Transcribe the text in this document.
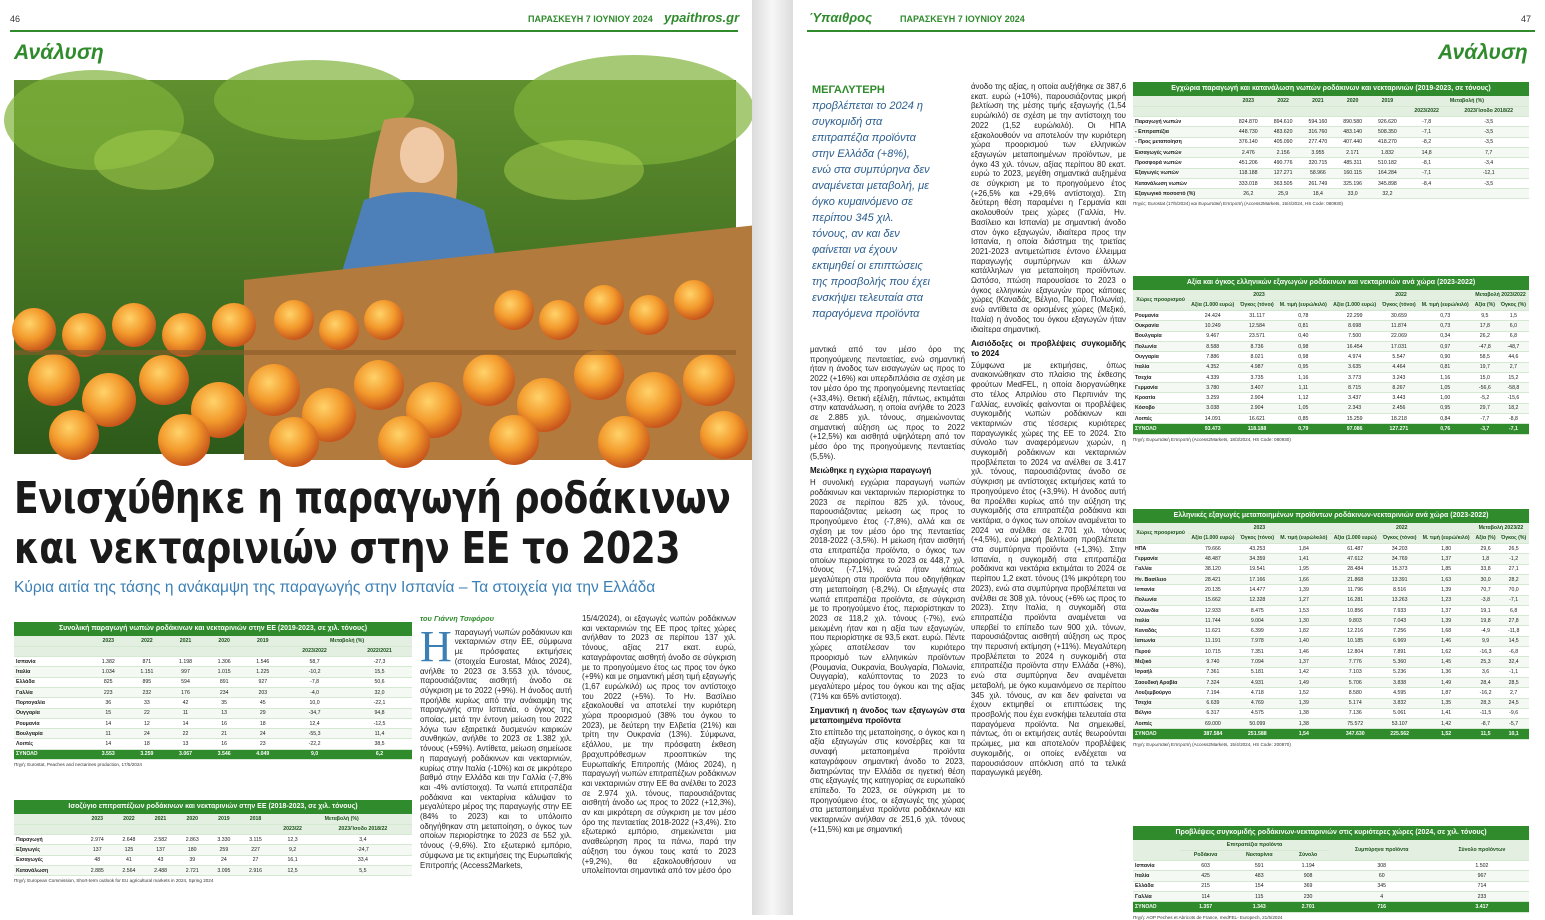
46	ΠΑΡΑΣΚΕΥΗ 7 ΙΟΥΝΙΟΥ 2024 ypaithros.gr
Ανάλυση
Ενισχύθηκε η παραγωγή ροδάκινων
και νεκταρινιών στην ΕΕ το 2023
Κύρια αιτία της τάσης η ανάκαμψη της παραγωγής στην Ισπανία – Τα στοιχεία για την Ελλάδα
Συνολική παραγωγή νωπών ροδάκινων και νεκταρινιών στην ΕΕ (2019-2023, σε χιλ. τόνους)
	2023	2022	2021	2020	2019	Μεταβολή (%)	
						2023/2022	2022/2021
Ισπανία	1.382	871	1.198	1.306	1.546	58,7	-27,3
Ιταλία	1.034	1.151	997	1.015	1.225	-10,2	15,5
Ελλάδα	825	895	594	891	927	-7,8	50,6
Γαλλία	223	232	176	234	203	-4,0	32,0
Πορτογαλία	36	33	42	35	45	10,0	-22,1
Ουγγαρία	15	22	11	13	29	-34,7	94,8
Ρουμανία	14	12	14	16	18	12,4	-12,5
Βουλγαρία	11	24	22	21	24	-55,3	11,4
Λοιπές	14	18	13	16	23	-22,2	38,5
ΣΥΝΟΛΟ	3.553	3.259	3.067	3.546	4.049	9,0	6,2
Πηγή: Eurostat, Peaches and nectarines production, 17/5/2024
Ισοζύγιο επιτραπέζιων ροδάκινων και νεκταρινιών στην ΕΕ (2018-2023, σε χιλ. τόνους)
	2023	2022	2021	2020	2019	2018	Μεταβολή (%)	
							2023/22	2023/Ίσοδο 2018/22
Παραγωγή	2.974	2.648	2.582	2.863	3.330	3.115	12,3	3,4
Εξαγωγές	137	125	137	180	259	227	9,2	-24,7
Εισαγωγές	48	41	43	39	24	27	16,1	33,4
Κατανάλωση	2.885	2.564	2.488	2.721	3.095	2.916	12,5	5,5
Πηγή: European Commission, Short-term outlook for EU agricultural markets in 2024, Spring 2024
του Γιάννη Τσιφόρου
Η παραγωγή νωπών ροδάκινων και νεκταρινιών στην ΕΕ, σύμφωνα με πρόσφατες εκτιμήσεις (στοιχεία Eurostat, Μάιος 2024), ανήλθε το 2023 σε 3.553 χιλ. τόνους, παρουσιάζοντας αισθητή άνοδο σε σύγκριση με το 2022 (+9%). Η άνοδος αυτή προήλθε κυρίως από την ανάκαμψη της παραγωγής στην Ισπανία, ο όγκος της οποίας, μετά την έντονη μείωση του 2022 λόγω των εξαιρετικά δυσμενών καιρικών συνθηκών, ανήλθε το 2023 σε 1.382 χιλ. τόνους (+59%). Αντίθετα, μείωση σημείωσε η παραγωγή ροδάκινων και νεκταρινιών, κυρίως στην Ιταλία (-10%) και σε μικρότερο βαθμό στην Ελλάδα και την Γαλλία (-7,8% και -4% αντίστοιχα). Τα νωπά επιτραπέζια ροδάκινα και νεκταρίνια κάλυψαν το μεγαλύτερο μέρος της παραγωγής στην ΕΕ (84% το 2023) και το υπόλοιπο οδηγήθηκαν στη μεταποίηση, ο όγκος των οποίων περιορίστηκε το 2023 σε 552 χιλ. τόνους (-9,6%). Στο εξωτερικό εμπόριο, σύμφωνα με τις εκτιμήσεις της Ευρωπαϊκής Επιτροπής (Access2Markets,
15/4/2024), οι εξαγωγές νωπών ροδάκινων και νεκταρινιών της ΕΕ προς τρίτες χώρες ανήλθαν το 2023 σε περίπου 137 χιλ. τόνους, αξίας 217 εκατ. ευρώ, καταγράφοντας αισθητή άνοδο σε σύγκριση με το προηγούμενο έτος ως προς τον όγκο (+9%) και με σημαντική μέση τιμή εξαγωγής (1,67 ευρώ/κιλό) ως προς τον αντίστοιχο του 2022 (+5%). Το Ην. Βασίλειο εξακολουθεί να αποτελεί την κυριότερη χώρα προορισμού (38% του όγκου το 2023), με δεύτερη την Ελβετία (21%) και τρίτη την Ουκρανία (13%). Σύμφωνα, εξάλλου, με την πρόσφατη έκθεση βραχυπρόθεσμων προοπτικών της Ευρωπαϊκής Επιτροπής (Μάιος 2024), η παραγωγή νωπών επιτραπέζιων ροδάκινων και νεκταρινιών στην ΕΕ θα ανέλθει το 2023 σε 2.974 χιλ. τόνους, παρουσιάζοντας αισθητή άνοδο ως προς το 2022 (+12,3%), αν και μικρότερη σε σύγκριση με τον μέσο όρο της πενταετίας 2018-2022 (+3,4%). Στο εξωτερικό εμπόριο, σημειώνεται μια αναθεώρηση προς τα πάνω, παρά την αύξηση του όγκου τους κατά το 2023 (+9,2%), θα εξακολουθήσουν να υπολείπονται σημαντικά από τον μέσο όρο
Ύπαιθρος	ΠΑΡΑΣΚΕΥΗ 7 ΙΟΥΝΙΟΥ 2024	47
Ανάλυση
ΜΕΓΑΛΥΤΕΡΗ προβλέπεται το 2024 η συγκομιδή στα επιτραπέζια προϊόντα στην Ελλάδα (+8%), ενώ στα συμπύρηνα δεν αναμένεται μεταβολή, με όγκο κυμαινόμενο σε περίπου 345 χιλ. τόνους, αν και δεν φαίνεται να έχουν εκτιμηθεί οι επιπτώσεις της προσβολής που έχει ενσκήψει τελευταία στα παραγόμενα προϊόντα

μαντικά από τον μέσο όρο της προηγούμενης πενταετίας, ενώ σημαντική ήταν η άνοδος των εισαγωγών ως προς το 2022 (+16%) και υπερδιπλάσια σε σχέση με τον μέσο όρο της προηγούμενης πενταετίας (+33,4%). Θετική εξέλιξη, πάντως, εκτιμάται στην κατανάλωση, η οποία ανήλθε το 2023 σε 2.885 χιλ. τόνους, σημειώνοντας σημαντική αύξηση ως προς το 2022 (+12,5%) και αισθητά υψηλότερη από τον μέσο όρο της προηγούμενης πενταετίας (5,5%).

Μειώθηκε η εγχώρια παραγωγή

Η συνολική εγχώρια παραγωγή νωπών ροδάκινων και νεκταρινιών περιορίστηκε το 2023 σε περίπου 825 χιλ. τόνους, παρουσιάζοντας μείωση ως προς το προηγούμενο έτος (-7,8%), αλλά και σε σχέση με τον μέσο όρο της πενταετίας 2018-2022 (-3,5%). Η μείωση ήταν αισθητή στα επιτραπέζια προϊόντα, ο όγκος των οποίων περιορίστηκε το 2023 σε 448,7 χιλ. τόνους (-7,1%), ενώ ήταν κάπως μεγαλύτερη στα προϊόντα που οδηγήθηκαν στη μεταποίηση (-8,2%). Οι εξαγωγές στα νωπά επιτραπέζια προϊόντα, σε σύγκριση με το προηγούμενο έτος, περιορίστηκαν το 2023 σε 118,2 χιλ. τόνους (-7%), ενώ μειωμένη ήταν και η αξία των εξαγωγών, που περιορίστηκε σε 93,5 εκατ. ευρώ. Πέντε χώρες αποτέλεσαν τον κυριότερο προορισμό των ελληνικών προϊόντων (Ρουμανία, Ουκρανία, Βουλγαρία, Πολωνία, Ουγγαρία), καλύπτοντας το 2023 το μεγαλύτερο μέρος του όγκου και της αξίας (71% και 65% αντίστοιχα).

Σημαντική η άνοδος των εξαγωγών στα μεταποιημένα προϊόντα

Στο επίπεδο της μεταποίησης, ο όγκος και η αξία εξαγωγών στις κονσέρβες και τα συναφή μεταποιημένα προϊόντα καταγράφουν σημαντική άνοδο το 2023, διατηρώντας την Ελλάδα σε ηγετική θέση στις εξαγωγές της κατηγορίας σε ευρωπαϊκό επίπεδο. Το 2023, σε σύγκριση με το προηγούμενο έτος, οι εξαγωγές της χώρας στα μεταποιημένα προϊόντα ροδάκινων και νεκταρινιών ανήλθαν σε 251,6 χιλ. τόνους (+11,5%) και με σημαντική

άνοδο της αξίας, η οποία αυξήθηκε σε 387,6 εκατ. ευρώ (+10%), παρουσιάζοντας μικρή βελτίωση της μέσης τιμής εξαγωγής (1,54 ευρώ/κιλό) σε σχέση με την αντίστοιχη του 2022 (1,52 ευρώ/κιλό). Οι ΗΠΑ εξακολουθούν να αποτελούν την κυριότερη χώρα προορισμού των ελληνικών εξαγωγών μεταποιημένων προϊόντων, με όγκο 43 χιλ. τόνων, αξίας περίπου 80 εκατ. ευρώ το 2023, μεγέθη σημαντικά αυξημένα σε σύγκριση με το προηγούμενο έτος (+26,5% και +29,6% αντίστοιχα). Στη δεύτερη θέση παραμένει η Γερμανία και ακολουθούν τρεις χώρες (Γαλλία, Ην. Βασίλειο και Ισπανία) με σημαντική άνοδο στον όγκο εξαγωγών, ιδιαίτερα προς την Ισπανία, η οποία διάστημα της τριετίας 2021-2023 αντιμετώπισε έντονο έλλειμμα παραγωγής συμπύρηνων και άλλων κατάλληλων για μεταποίηση προϊόντων. Ωστόσο, πτώση παρουσίασε το 2023 ο όγκος ελληνικών εξαγωγών προς κάποιες χώρες (Καναδάς, Βέλγιο, Περού, Πολωνία), ενώ αντίθετα σε ορισμένες χώρες (Μεξικό, Ιταλία) η άνοδος του όγκου εξαγωγών ήταν ιδιαίτερα σημαντική.

Αισιόδοξες οι προβλέψεις συγκομιδής το 2024

Σύμφωνα με εκτιμήσεις, όπως ανακοινώθηκαν στο πλαίσιο της έκθεσης φρούτων MedFEL, η οποία διοργανώθηκε στο τέλος Απριλίου στο Περπινιάν της Γαλλίας, ευνοϊκές φαίνονται οι προβλέψεις συγκομιδής νωπών ροδάκινων και νεκταρινιών στις τέσσερις κυριότερες παραγωγικές χώρες της ΕΕ το 2024. Στο σύνολο των αναφερόμενων χωρών, η συγκομιδή ροδάκινων και νεκταρινιών προβλέπεται το 2024 να ανέλθει σε 3.417 χιλ. τόνους, παρουσιάζοντας άνοδο σε σύγκριση με αντίστοιχες εκτιμήσεις κατά το προηγούμενο έτος (+3,9%). Η άνοδος αυτή θα προέλθει κυρίως από την αύξηση της συγκομιδής στα επιτραπέζια ροδάκινα και νεκτάρια, ο όγκος των οποίων αναμένεται το 2024 να ανέλθει σε 2.701 χιλ. τόνους (+4,5%), ενώ μικρή βελτίωση προβλέπεται στα συμπύρηνα προϊόντα (+1,3%). Στην Ισπανία, η συγκομιδή στα επιτραπέζια ροδάκινα και νεκτάρια εκτιμάται το 2024 σε περίπου 1,2 εκατ. τόνους (1% μικρότερη του 2023), ενώ στα συμπύρηνα προβλέπεται να ανέλθει σε 308 χιλ. τόνους (+6% ως προς το 2023). Στην Ιταλία, η συγκομιδή στα επιτραπέζια προϊόντα αναμένεται να υπερβεί το επίπεδο των 900 χιλ. τόνων, παρουσιάζοντας αισθητή αύξηση ως προς την περυσινή εκτίμηση (+11%). Μεγαλύτερη προβλέπεται το 2024 η συγκομιδή στα επιτραπέζια προϊόντα στην Ελλάδα (+8%), ενώ στα συμπύρηνα δεν αναμένεται μεταβολή, με όγκο κυμαινόμενο σε περίπου 345 χιλ. τόνους, αν και δεν φαίνεται να έχουν εκτιμηθεί οι επιπτώσεις της προσβολής που έχει ενσκήψει τελευταία στα παραγόμενα προϊόντα. Να σημειωθεί, πάντως, ότι οι εκτιμήσεις αυτές θεωρούνται πρώιμες, μια και αποτελούν προβλέψεις συγκομιδής, οι οποίες ενδέχεται να παρουσιάσουν απόκλιση από τα τελικά παραγωγικά μεγέθη.

Εγχώρια παραγωγή και κατανάλωση νωπών ροδάκινων και νεκταρινιών (2019-2023, σε τόνους)
	2023	2022	2021	2020	2019	Μεταβολή (%)	
						2023/2022	2023/Ίσοδο 2018/22
Παραγωγή νωπών	824.870	894.610	594.160	890.580	926.620	-7,8	-3,5
- Επιτραπέζια	448.730	483.620	316.760	483.140	508.350	-7,1	-3,5
- Προς μεταποίηση	376.140	405.090	277.470	407.440	418.270	-8,2	-3,5
Εισαγωγές νωπών	2.476	2.156	3.955	2.171	1.832	14,8	7,7
Προσφορά νωπών	451.206	490.776	320.715	485.311	510.182	-8,1	-3,4
Εξαγωγές νωπών	118.188	127.271	58.966	160.115	164.284	-7,1	-12,1
Κατανάλωση νωπών	333.018	363.505	261.749	325.196	345.898	-8,4	-3,5
Εξαγωγικό ποσοστό (%)	26,2	25,9	18,4	33,0	32,2		
Πηγές: Eurostat (17/5/2024) και Ευρωπαϊκή Επιτροπή (Access2Markets, 15/4/2024, HS Code: 080930)
Αξία και όγκος ελληνικών εξαγωγών ροδάκινων και νεκταρινιών ανά χώρα (2023-2022)
Χώρες προορισμού	2023			2022			Μεταβολή 2023/2022	
	Αξία (1.000 ευρώ)	Όγκος (τόνοι)	Μ. τιμή (ευρώ/κιλό)	Αξία (1.000 ευρώ)	Όγκος (τόνοι)	Μ. τιμή (ευρώ/κιλό)	Αξία (%)	Όγκος (%)
Ρουμανία	24.424	31.117	0,78	22.299	30.659	0,73	9,5	1,5
Ουκρανία	10.249	12.584	0,81	8.698	11.874	0,73	17,8	6,0
Βουλγαρία	9.467	23.571	0,40	7.500	22.069	0,34	26,2	6,8
Πολωνία	8.588	8.736	0,98	16.454	17.031	0,97	-47,8	-48,7
Ουγγαρία	7.886	8.021	0,98	4.974	5.547	0,90	58,5	44,6
Ιταλία	4.352	4.987	0,95	3.635	4.464	0,81	19,7	2,7
Τσεχία	4.339	3.735	1,16	3.773	3.243	1,16	15,0	15,2
Γερμανία	3.780	3.407	1,11	8.715	8.267	1,05	-56,6	-58,8
Κροατία	3.259	2.904	1,12	3.437	3.443	1,00	-5,2	-15,6
Κόσοβο	3.038	2.904	1,05	2.343	2.456	0,95	29,7	18,2
Λοιπές	14.091	16.621	0,85	15.259	18.218	0,84	-7,7	-8,8
ΣΥΝΟΛΟ	93.473	118.188	0,79	97.086	127.271	0,76	-3,7	-7,1
Πηγή: Ευρωπαϊκή Επιτροπή (Access2Markets, 18/3/2024, HS Code: 080930)
Ελληνικές εξαγωγές μεταποιημένων προϊόντων ροδάκινων-νεκταρινιών ανά χώρα (2023-2022)
Χώρες προορισμού	2023			2022			Μεταβολή 2023/22	
	Αξία (1.000 ευρώ)	Όγκος (τόνοι)	Μ. τιμή (ευρώ/κιλό)	Αξία (1.000 ευρώ)	Όγκος (τόνοι)	Μ. τιμή (ευρώ/κιλό)	Αξία (%)	Όγκος (%)
ΗΠΑ	79.666	43.253	1,84	61.487	34.203	1,80	29,6	26,5
Γερμανία	48.487	34.359	1,41	47.612	34.769	1,37	1,8	-1,2
Γαλλία	38.120	19.541	1,95	28.484	15.373	1,85	33,8	27,1
Ην. Βασίλειο	28.421	17.166	1,66	21.868	13.391	1,63	30,0	28,2
Ισπανία	20.135	14.477	1,39	11.796	8.516	1,39	70,7	70,0
Πολωνία	15.662	12.328	1,27	16.281	13.263	1,23	-3,8	-7,1
Ολλανδία	12.933	8.475	1,53	10.856	7.933	1,37	19,1	6,8
Ιταλία	11.744	9.004	1,30	9.803	7.043	1,39	19,8	27,8
Καναδάς	11.621	6.399	1,82	12.216	7.256	1,68	-4,9	-11,8
Ιαπωνία	11.191	7.978	1,40	10.185	6.969	1,46	9,9	14,5
Περού	10.715	7.351	1,46	12.804	7.891	1,62	-16,3	-6,8
Μεξικό	9.740	7.094	1,37	7.776	5.360	1,45	25,3	32,4
Ισραήλ	7.361	5.181	1,42	7.103	5.236	1,36	3,6	-1,1
Σαουδική Αραβία	7.324	4.931	1,49	5.706	3.838	1,49	28,4	28,5
Λουξεμβούργο	7.194	4.718	1,52	8.580	4.595	1,87	-16,2	2,7
Τσεχία	6.639	4.769	1,39	5.174	3.832	1,35	28,3	24,5
Βέλγιο	6.317	4.575	1,38	7.136	5.061	1,41	-11,5	-9,6
Λοιπές	69.000	50.099	1,38	75.572	53.107	1,42	-8,7	-5,7
ΣΥΝΟΛΟ	387.584	251.588	1,54	347.630	225.562	1,52	11,5	10,1
Πηγή: Ευρωπαϊκή Επιτροπή (Access2Markets, 15/4/2024, HS Code: 200870)
Προβλέψεις συγκομιδής ροδάκινων-νεκταρινιών στις κυριότερες χώρες (2024, σε χιλ. τόνους)
	Επιτραπέζια προϊόντα			Συμπύρηνα προϊόντα	Σύνολο προϊόντων
	Ροδάκινα	Νεκταρίνια	Σύνολο		
Ισπανία	603	591	1.194	308	1.502
Ιταλία	425	483	908	60	967
Ελλάδα	215	154	369	345	714
Γαλλία	114	115	230	4	233
ΣΥΝΟΛΟ	1.357	1.343	2.701	716	3.417
Πηγή: AOP Peches et Abricots de France, medFEL- Europech, 21/5/2024
